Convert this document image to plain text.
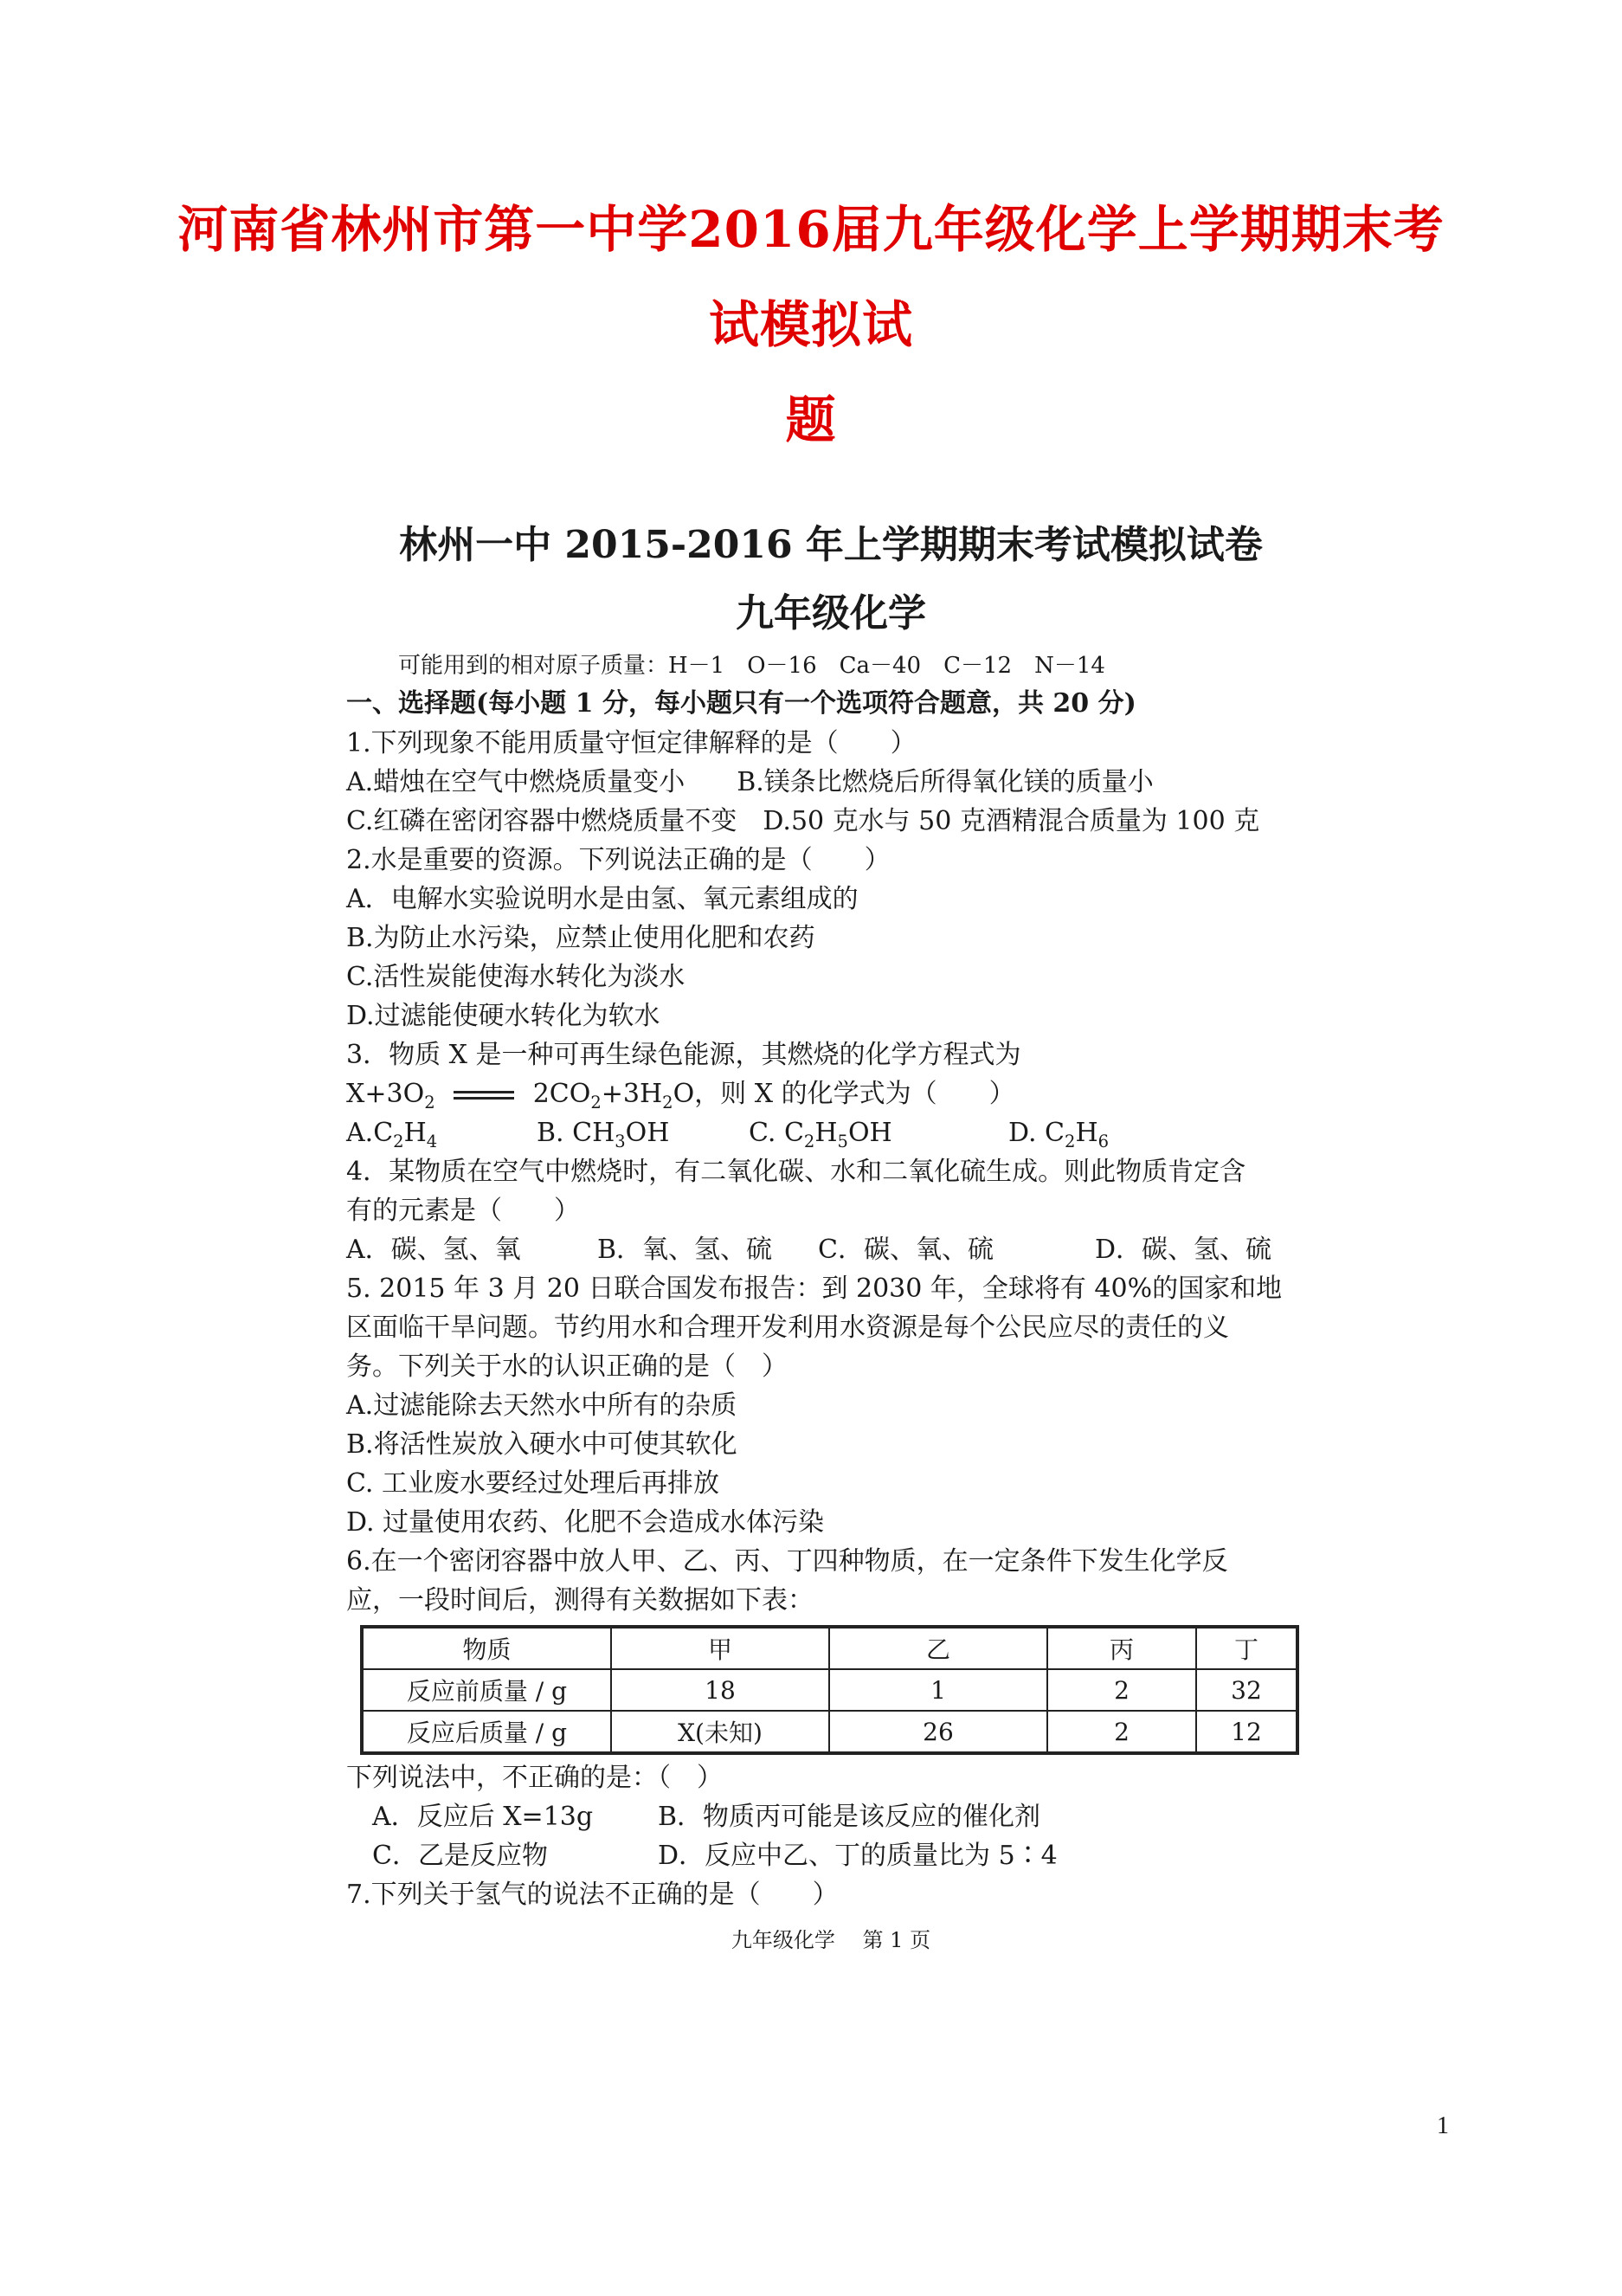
河南省林州市第一中学2016届九年级化学上学期期末考试模拟试
题
林州一中 2015-2016 年上学期期末考试模拟试卷
九年级化学
可能用到的相对原子质量：H－1　O－16　Ca－40　C－12　N－14
一、选择题(每小题 1 分，每小题只有一个选项符合题意，共 20 分)
1.下列现象不能用质量守恒定律解释的是（　　）
A.蜡烛在空气中燃烧质量变小　　B.镁条比燃烧后所得氧化镁的质量小
C.红磷在密闭容器中燃烧质量不变　D.50 克水与 50 克酒精混合质量为 100 克
2.水是重要的资源。下列说法正确的是（　　）
A．电解水实验说明水是由氢、氧元素组成的
B.为防止水污染，应禁止使用化肥和农药
C.活性炭能使海水转化为淡水
D.过滤能使硬水转化为软水
3．物质 X 是一种可再生绿色能源，其燃烧的化学方程式为
$X+3O_2$	$2CO_2+3H_2O$，则 X 的化学式为（　　）
$A.C_2H_4$	B. $CH_3OH$	C. $C_2H_5OH$	D. $C_2H_6$
4．某物质在空气中燃烧时，有二氧化碳、水和二氧化硫生成。则此物质肯定含
有的元素是（　　）
A．碳、氢、氧	B．氧、氢、硫	C．碳、氧、硫	D．碳、氢、硫
5. 2015 年 3 月 20 日联合国发布报告：到 2030 年，全球将有 40%的国家和地
区面临干旱问题。节约用水和合理开发利用水资源是每个公民应尽的责任的义
务。下列关于水的认识正确的是（　）
A.过滤能除去天然水中所有的杂质
B.将活性炭放入硬水中可使其软化
C. 工业废水要经过处理后再排放
D. 过量使用农药、化肥不会造成水体污染
6.在一个密闭容器中放人甲、乙、丙、丁四种物质，在一定条件下发生化学反
应，一段时间后，测得有关数据如下表：
物质	甲	乙	丙	丁
反应前质量 / g	18	1	2	32
反应后质量 / g	X(未知)	26	2	12
下列说法中，不正确的是：（　）
A．反应后 X=13g	B．物质丙可能是该反应的催化剂
C．乙是反应物	D．反应中乙、丁的质量比为 5∶4
7.下列关于氢气的说法不正确的是（　　）
九年级化学　 第 1 页
1
